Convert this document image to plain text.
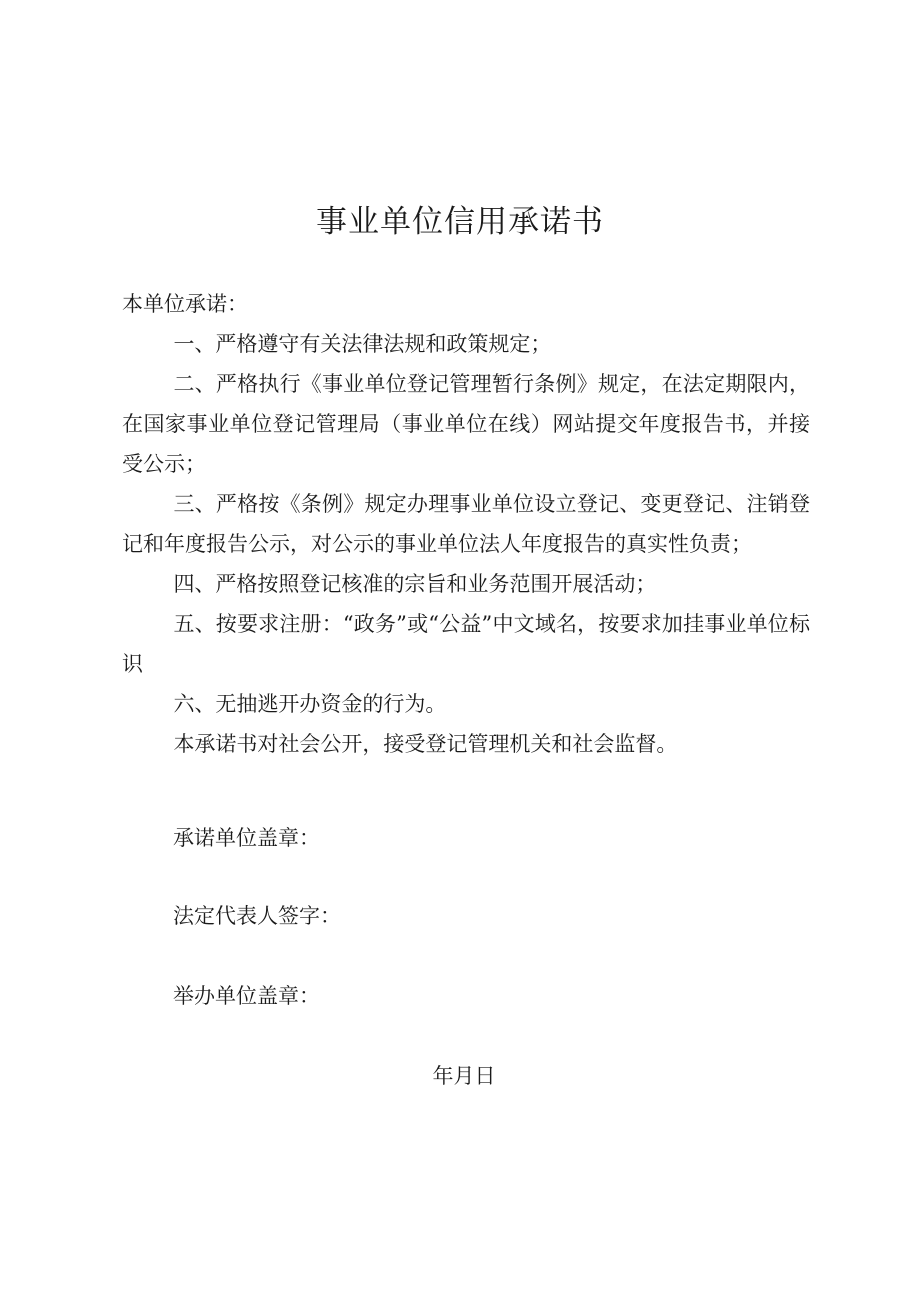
事业单位信用承诺书

本单位承诺：

一、严格遵守有关法律法规和政策规定；

二、严格执行《事业单位登记管理暂行条例》规定，在法定期限内，在国家事业单位登记管理局（事业单位在线）网站提交年度报告书，并接受公示；

三、严格按《条例》规定办理事业单位设立登记、变更登记、注销登记和年度报告公示，对公示的事业单位法人年度报告的真实性负责；

四、严格按照登记核准的宗旨和业务范围开展活动；

五、按要求注册：“政务”或“公益”中文域名，按要求加挂事业单位标识

六、无抽逃开办资金的行为。

本承诺书对社会公开，接受登记管理机关和社会监督。

承诺单位盖章：
法定代表人签字：
举办单位盖章：
年月日
